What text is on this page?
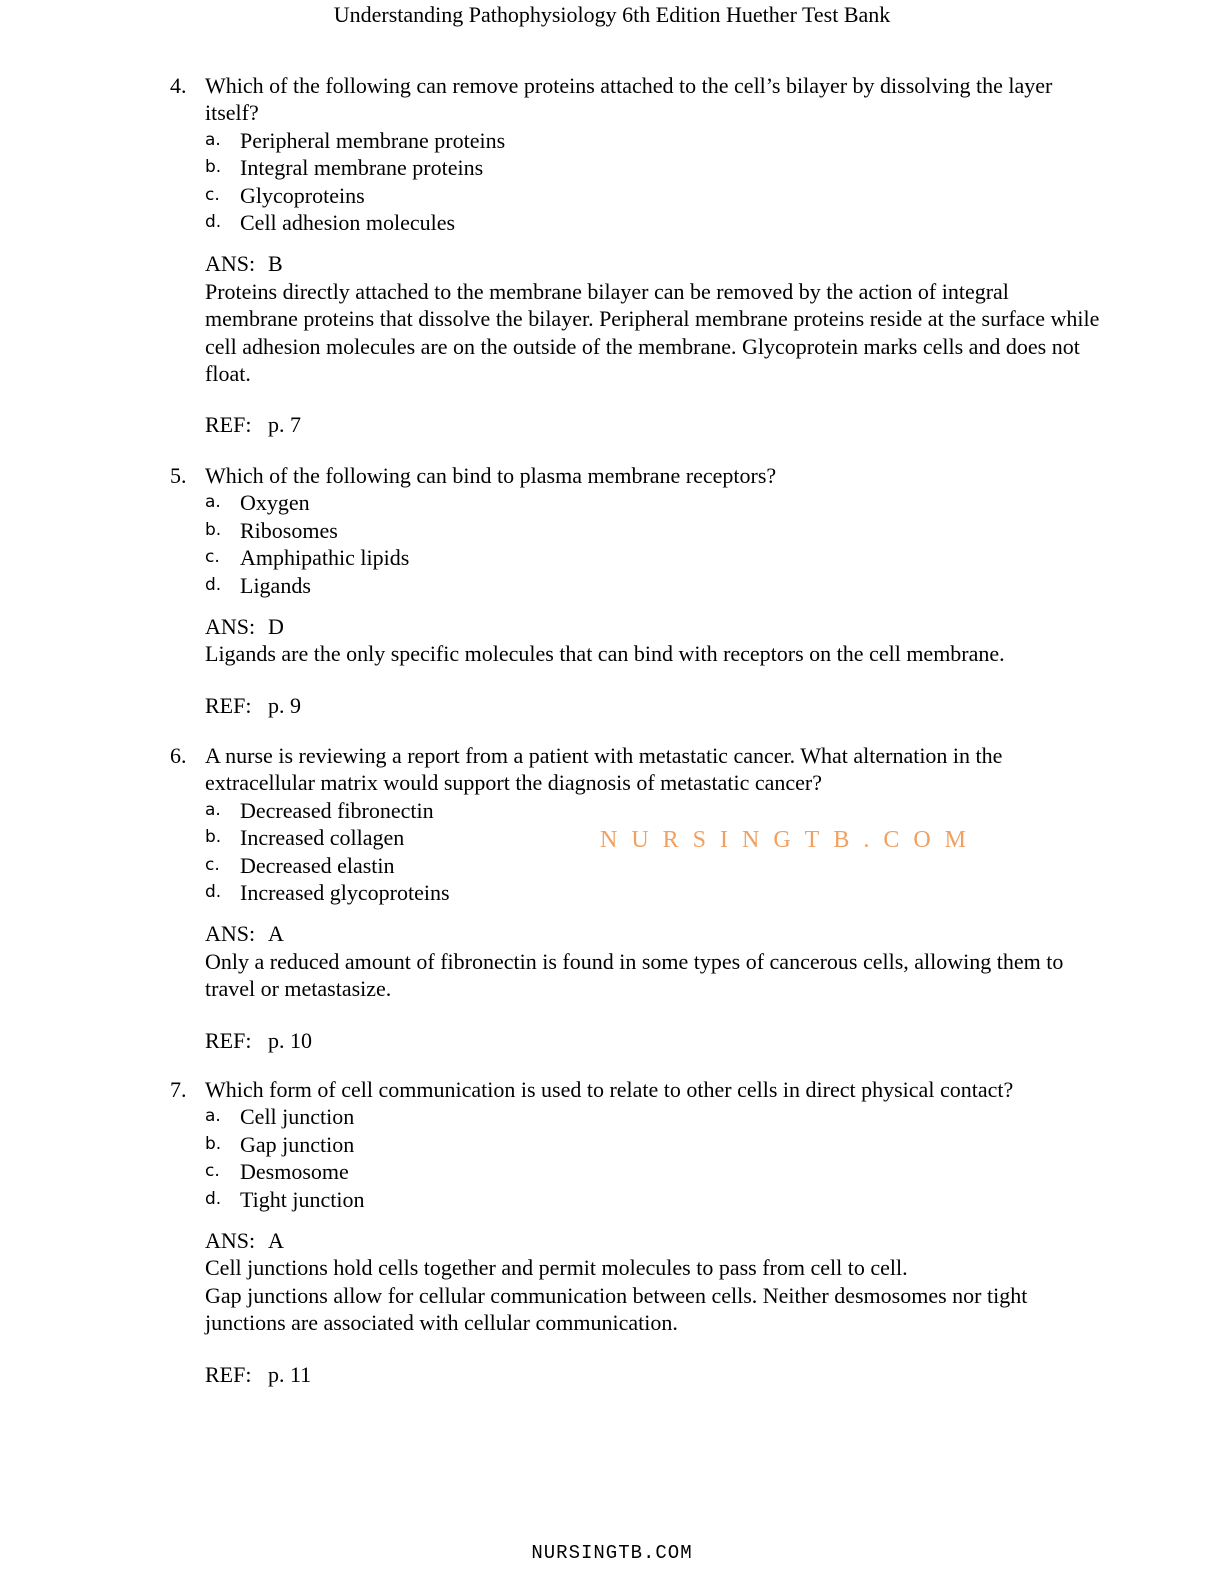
Understanding Pathophysiology 6th Edition Huether Test Bank
4. Which of the following can remove proteins attached to the cell’s bilayer by dissolving the layer itself?
a. Peripheral membrane proteins
b. Integral membrane proteins
c. Glycoproteins
d. Cell adhesion molecules
ANS: B
Proteins directly attached to the membrane bilayer can be removed by the action of integral membrane proteins that dissolve the bilayer. Peripheral membrane proteins reside at the surface while cell adhesion molecules are on the outside of the membrane. Glycoprotein marks cells and does not float.
REF: p. 7
5. Which of the following can bind to plasma membrane receptors?
a. Oxygen
b. Ribosomes
c. Amphipathic lipids
d. Ligands
ANS: D
Ligands are the only specific molecules that can bind with receptors on the cell membrane.
REF: p. 9
6. A nurse is reviewing a report from a patient with metastatic cancer. What alternation in the extracellular matrix would support the diagnosis of metastatic cancer?
a. Decreased fibronectin
b. Increased collagen
c. Decreased elastin
d. Increased glycoproteins
ANS: A
Only a reduced amount of fibronectin is found in some types of cancerous cells, allowing them to travel or metastasize.
REF: p. 10
7. Which form of cell communication is used to relate to other cells in direct physical contact?
a. Cell junction
b. Gap junction
c. Desmosome
d. Tight junction
ANS: A
Cell junctions hold cells together and permit molecules to pass from cell to cell.
Gap junctions allow for cellular communication between cells. Neither desmosomes nor tight junctions are associated with cellular communication.
REF: p. 11
NURSINGTB.COM
NURSINGTB.COM
